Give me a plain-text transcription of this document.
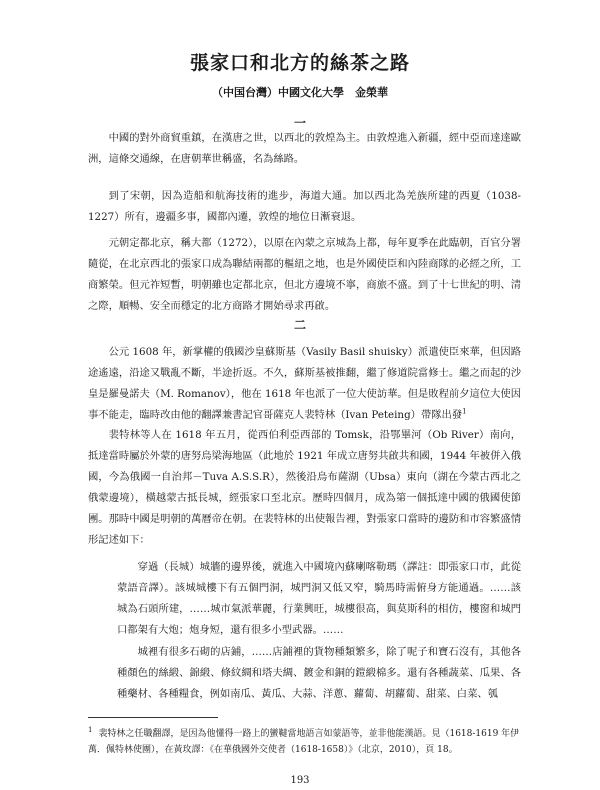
張家口和北方的絲茶之路
（中国台灣）中國文化大學　金榮華
一

中國的對外商貿重鎮，在漢唐之世，以西北的敦煌為主。由敦煌進入新疆，經中亞而達達歐洲，這條交通線，在唐朝華世稱盛，名為絲路。

到了宋朝，因為造船和航海技術的進步，海道大通。加以西北為羌族所建的西夏（1038-1227）所有，邊疆多事，國都內遷，敦煌的地位日漸衰退。

元朝定都北京，稱大都（1272），以原在內蒙之京城為上都，每年夏季在此臨朝，百官分署隨從，在北京西北的張家口成為聯結兩都的樞紐之地，也是外國使臣和內陸商隊的必經之所，工商繁榮。但元祚短暫，明朝雖也定都北京，但北方邊境不寧，商旅不盛。到了十七世紀的明、清之際，順暢、安全而穩定的北方商路才開始尋求再啟。

二

公元 1608 年，新掌權的俄國沙皇蘇斯基（Vasily Basil shuisky）派遣使臣來華，但因路途遙遠，沿途又戰亂不斷，半途折返。不久，蘇斯基被推翻，繼了修道院當修士。繼之而起的沙皇是羅曼諾夫（M. Romanov），他在 1618 年也派了一位大使訪華。但是敗程前夕這位大使因事不能走，臨時改由他的翻譯兼書記官哥薩克人裴特林（Ivan Peteing）帶隊出發$^1$

裴特林等人在 1618 年五月，從西伯利亞西部的 Tomsk，沿鄂畢河（Ob River）南向，抵達當時屬於外蒙的唐努烏梁海地區（此地於 1921 年成立唐努共啟共和國，1944 年被併入俄國，今為俄國一自治邦－Tuva A.S.S.R），然後沿烏布薩湖（Ubsa）東向（湖在今蒙古西北之俄蒙邊境），橫越蒙古抵長城，經張家口至北京。歷時四個月，成為第一個抵達中國的俄國使節團。那時中國是明朝的萬曆帝在朝。在裴特林的出使報告裡，對張家口當時的邊防和市容繁盛情形記述如下：

穿過（長城）城牆的邊界後，就進入中國境內蘇喇喀勒瑪（譯註：即張家口市，此從蒙語音譯）。該城城樓下有五個門洞，城門洞又低又窄，騎馬時需俯身方能通過。……該城為石頭所建，……城市氣派華麗，行業興旺，城樓很高，與莫斯科的相仿，樓窗和城門口都架有大炮；炮身短，還有很多小型武器。……

城裡有很多石砌的店鋪，……店鋪裡的貨物種類繁多，除了呢子和寶石沒有，其他各種顏色的絲緞、錦緞、條紋綢和塔夫綢、鍍金和銅的鎧緞棉多。還有各種蔬菜、瓜果、各種藥材、各種糧食，例如南瓜、黃瓜、大蒜、洋蔥、蘿蔔、胡蘿蔔、甜菜、白菜、瓠

$^1$ 裴特林之任職翻譯，是因為他懂得一路上的蠻韃當地語言如蒙語等，並非他能漢語。見（1618-1619 年伊萬．佩特林使團），在黃玫譯：《在華俄國外交使者（1618-1658）》（北京，2010），頁 18。

193
